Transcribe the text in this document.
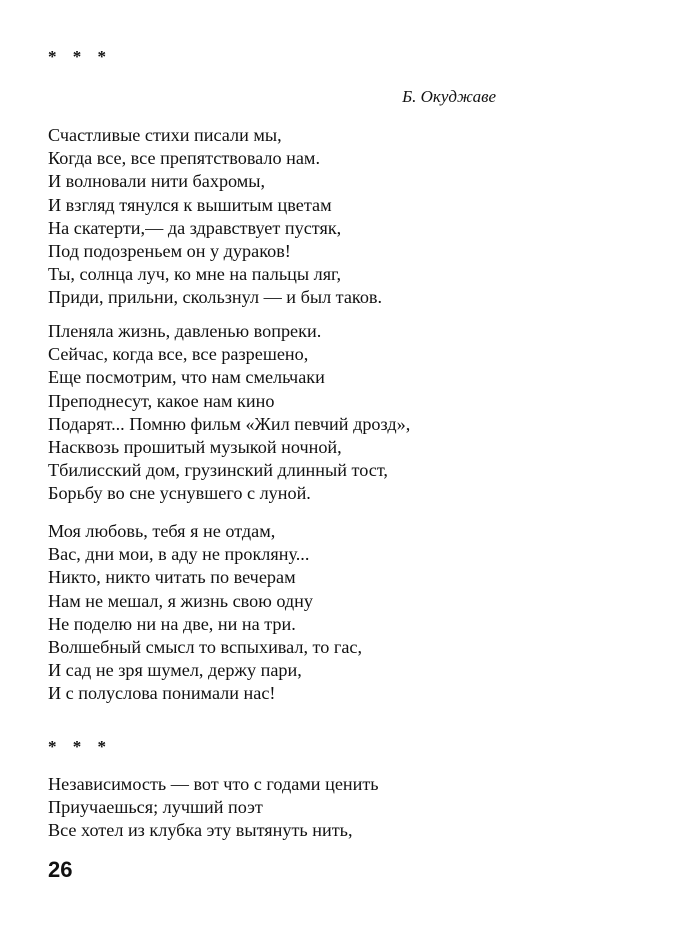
* * *
Б. Окуджаве
Счастливые стихи писали мы,
Когда все, все препятствовало нам.
И волновали нити бахромы,
И взгляд тянулся к вышитым цветам
На скатерти,— да здравствует пустяк,
Под подозреньем он у дураков!
Ты, солнца луч, ко мне на пальцы ляг,
Приди, прильни, скользнул — и был таков.
Пленяла жизнь, давленью вопреки.
Сейчас, когда все, все разрешено,
Еще посмотрим, что нам смельчаки
Преподнесут, какое нам кино
Подарят... Помню фильм «Жил певчий дрозд»,
Насквозь прошитый музыкой ночной,
Тбилисский дом, грузинский длинный тост,
Борьбу во сне уснувшего с луной.
Моя любовь, тебя я не отдам,
Вас, дни мои, в аду не прокляну...
Никто, никто читать по вечерам
Нам не мешал, я жизнь свою одну
Не поделю ни на две, ни на три.
Волшебный смысл то вспыхивал, то гас,
И сад не зря шумел, держу пари,
И с полуслова понимали нас!
* * *
Независимость — вот что с годами ценить
Приучаешься; лучший поэт
Все хотел из клубка эту вытянуть нить,
26
